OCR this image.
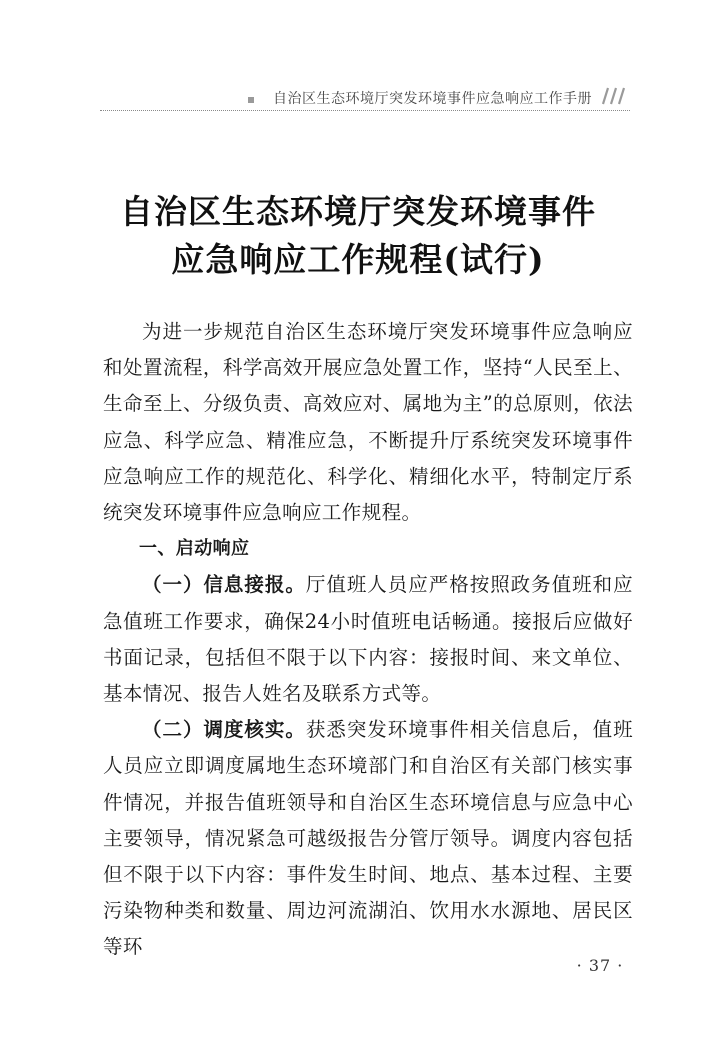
自治区生态环境厅突发环境事件应急响应工作手册
自治区生态环境厅突发环境事件
应急响应工作规程(试行)

为进一步规范自治区生态环境厅突发环境事件应急响应和处置流程，科学高效开展应急处置工作，坚持“人民至上、生命至上、分级负责、高效应对、属地为主”的总原则，依法应急、科学应急、精准应急，不断提升厅系统突发环境事件应急响应工作的规范化、科学化、精细化水平，特制定厅系统突发环境事件应急响应工作规程。

一、启动响应

（一）信息接报。厅值班人员应严格按照政务值班和应急值班工作要求，确保24小时值班电话畅通。接报后应做好书面记录，包括但不限于以下内容：接报时间、来文单位、基本情况、报告人姓名及联系方式等。

（二）调度核实。获悉突发环境事件相关信息后，值班人员应立即调度属地生态环境部门和自治区有关部门核实事件情况，并报告值班领导和自治区生态环境信息与应急中心主要领导，情况紧急可越级报告分管厅领导。调度内容包括但不限于以下内容：事件发生时间、地点、基本过程、主要污染物种类和数量、周边河流湖泊、饮用水水源地、居民区等环

· 37 ·
